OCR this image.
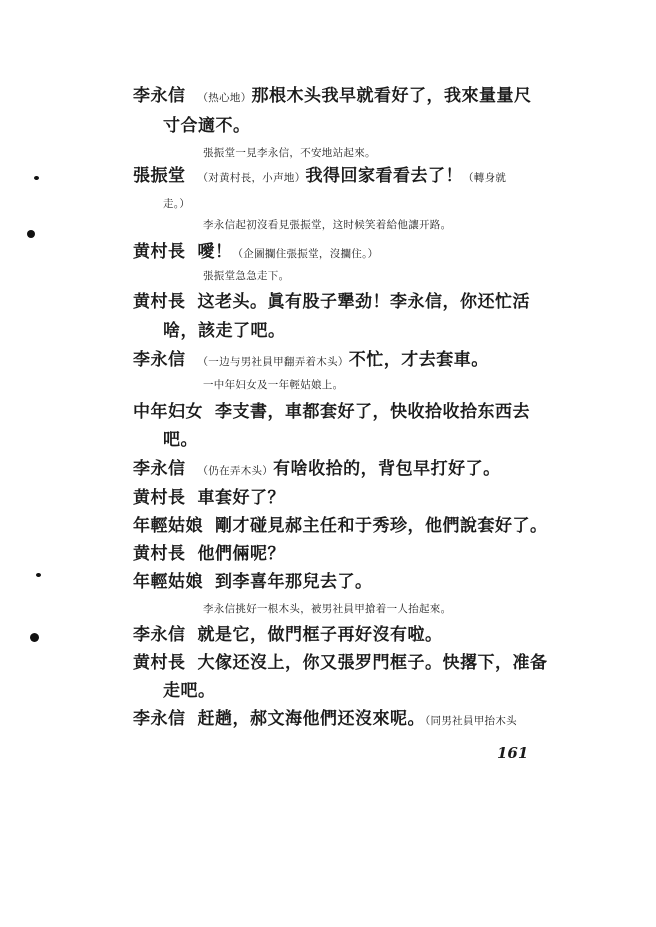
李永信 （热心地）那根木头我早就看好了，我來量量尺
寸合適不。
張振堂一見李永信，不安地站起來。
張振堂 （对黄村長，小声地）我得回家看看去了！（轉身就
走。）
李永信起初沒看見張振堂，这时候笑着給他讓开路。
黄村長 噯！（企圖攔住張振堂，沒攔住。）
張振堂急急走下。
黄村長 这老头。眞有股子犟劲！李永信，你还忙活
啥，該走了吧。
李永信 （一边与男社員甲翻弄着木头）不忙，才去套車。
一中年妇女及一年輕姑娘上。
中年妇女 李支書，車都套好了，快收拾收拾东西去
吧。
李永信 （仍在弄木头）有啥收拾的，背包早打好了。
黄村長 車套好了？
年輕姑娘 剛才碰見郝主任和于秀珍，他們說套好了。
黄村長 他們倆呢？
年輕姑娘 到李喜年那兒去了。
李永信挑好一根木头，被男社員甲搶着一人抬起來。
李永信 就是它，做門框子再好沒有啦。
黄村長 大傢还沒上，你又張罗門框子。快撂下，准备
走吧。
李永信 赶趟，郝文海他們还沒來呢。（同男社員甲抬木头
161
